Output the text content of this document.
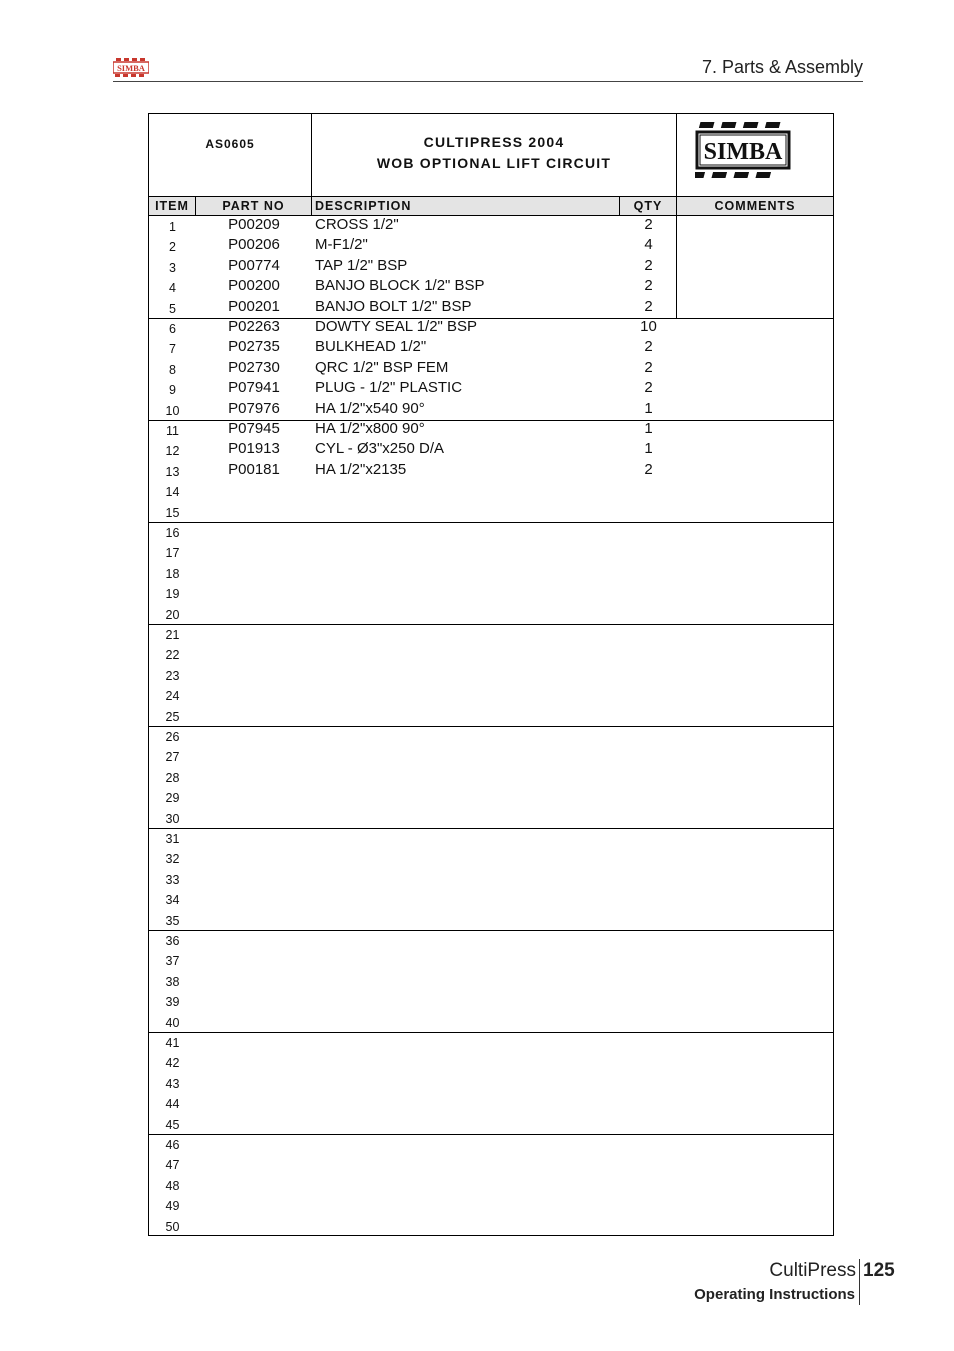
SIMBA	7. Parts & Assembly
AS0605	CULTIPRESS 2004
WOB OPTIONAL LIFT CIRCUIT	SIMBA
ITEM	PART NO	DESCRIPTION	QTY	COMMENTS
1	P00209	CROSS 1/2"	2
2	P00206	M-F1/2"	4
3	P00774	TAP 1/2" BSP	2
4	P00200	BANJO BLOCK 1/2" BSP	2
5	P00201	BANJO BOLT 1/2" BSP	2
6	P02263	DOWTY SEAL 1/2" BSP	10
7	P02735	BULKHEAD 1/2"	2
8	P02730	QRC 1/2" BSP FEM	2
9	P07941	PLUG - 1/2" PLASTIC	2
10	P07976	HA 1/2"x540 90°	1
11	P07945	HA 1/2"x800 90°	1
12	P01913	CYL - Ø3"x250 D/A	1
13	P00181	HA 1/2"x2135	2
14
15
16
17
18
19
20
21
22
23
24
25
26
27
28
29
30
31
32
33
34
35
36
37
38
39
40
41
42
43
44
45
46
47
48
49
50
CultiPress 125
Operating Instructions
